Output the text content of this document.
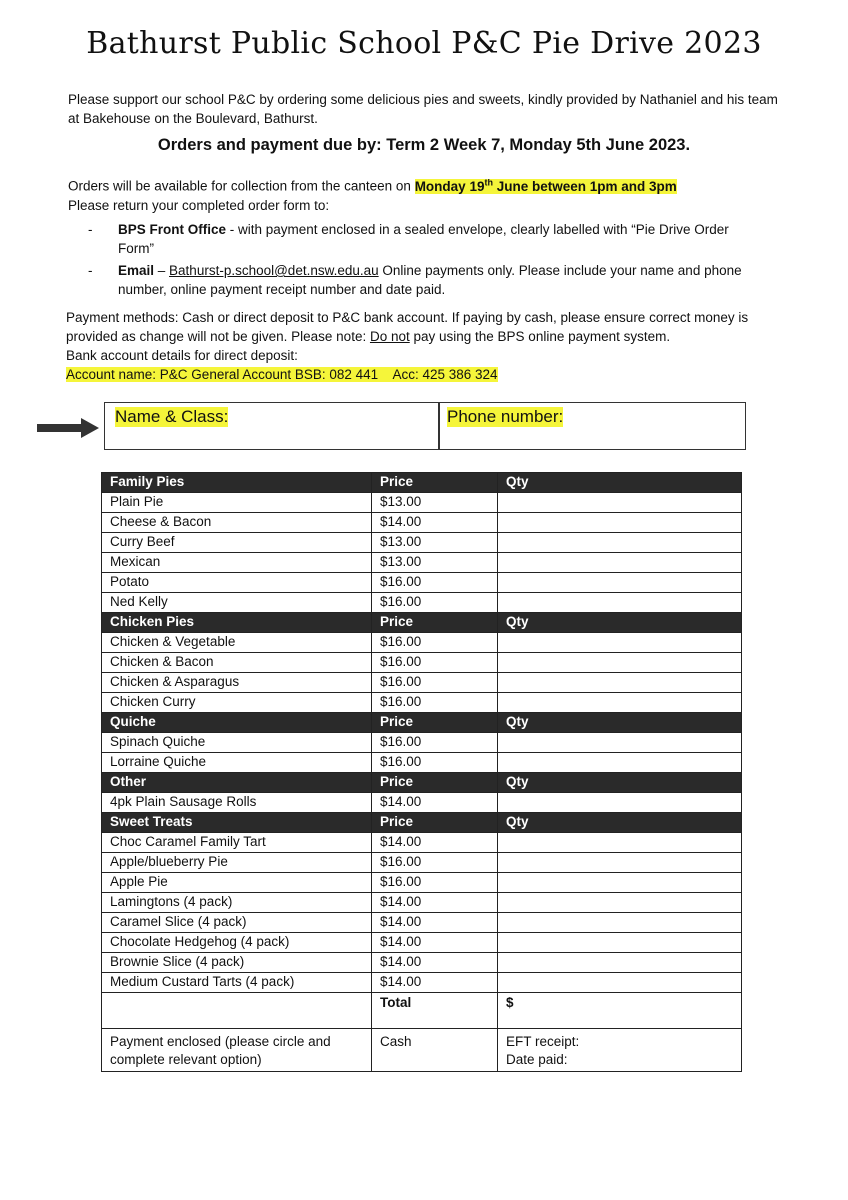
Bathurst Public School P&C Pie Drive 2023
Please support our school P&C by ordering some delicious pies and sweets, kindly provided by Nathaniel and his team at Bakehouse on the Boulevard, Bathurst.
Orders and payment due by: Term 2 Week 7, Monday 5th June 2023.
Orders will be available for collection from the canteen on Monday 19th June between 1pm and 3pm
Please return your completed order form to:
- BPS Front Office - with payment enclosed in a sealed envelope, clearly labelled with “Pie Drive Order Form”
- Email – Bathurst-p.school@det.nsw.edu.au Online payments only. Please include your name and phone number, online payment receipt number and date paid.
Payment methods: Cash or direct deposit to P&C bank account. If paying by cash, please ensure correct money is provided as change will not be given. Please note: Do not pay using the BPS online payment system.
Bank account details for direct deposit:
Account name: P&C General Account BSB: 082 441    Acc: 425 386 324
Name & Class:	Phone number:
Family Pies	Price	Qty
Plain Pie	$13.00	
Cheese & Bacon	$14.00	
Curry Beef	$13.00	
Mexican	$13.00	
Potato	$16.00	
Ned Kelly	$16.00	
Chicken Pies	Price	Qty
Chicken & Vegetable	$16.00	
Chicken & Bacon	$16.00	
Chicken & Asparagus	$16.00	
Chicken Curry	$16.00	
Quiche	Price	Qty
Spinach Quiche	$16.00	
Lorraine Quiche	$16.00	
Other	Price	Qty
4pk Plain Sausage Rolls	$14.00	
Sweet Treats	Price	Qty
Choc Caramel Family Tart	$14.00	
Apple/blueberry Pie	$16.00	
Apple Pie	$16.00	
Lamingtons (4 pack)	$14.00	
Caramel Slice (4 pack)	$14.00	
Chocolate Hedgehog (4 pack)	$14.00	
Brownie Slice (4 pack)	$14.00	
Medium Custard Tarts (4 pack)	$14.00	
	Total	$
Payment enclosed (please circle and complete relevant option)	Cash	EFT receipt:
Date paid:
